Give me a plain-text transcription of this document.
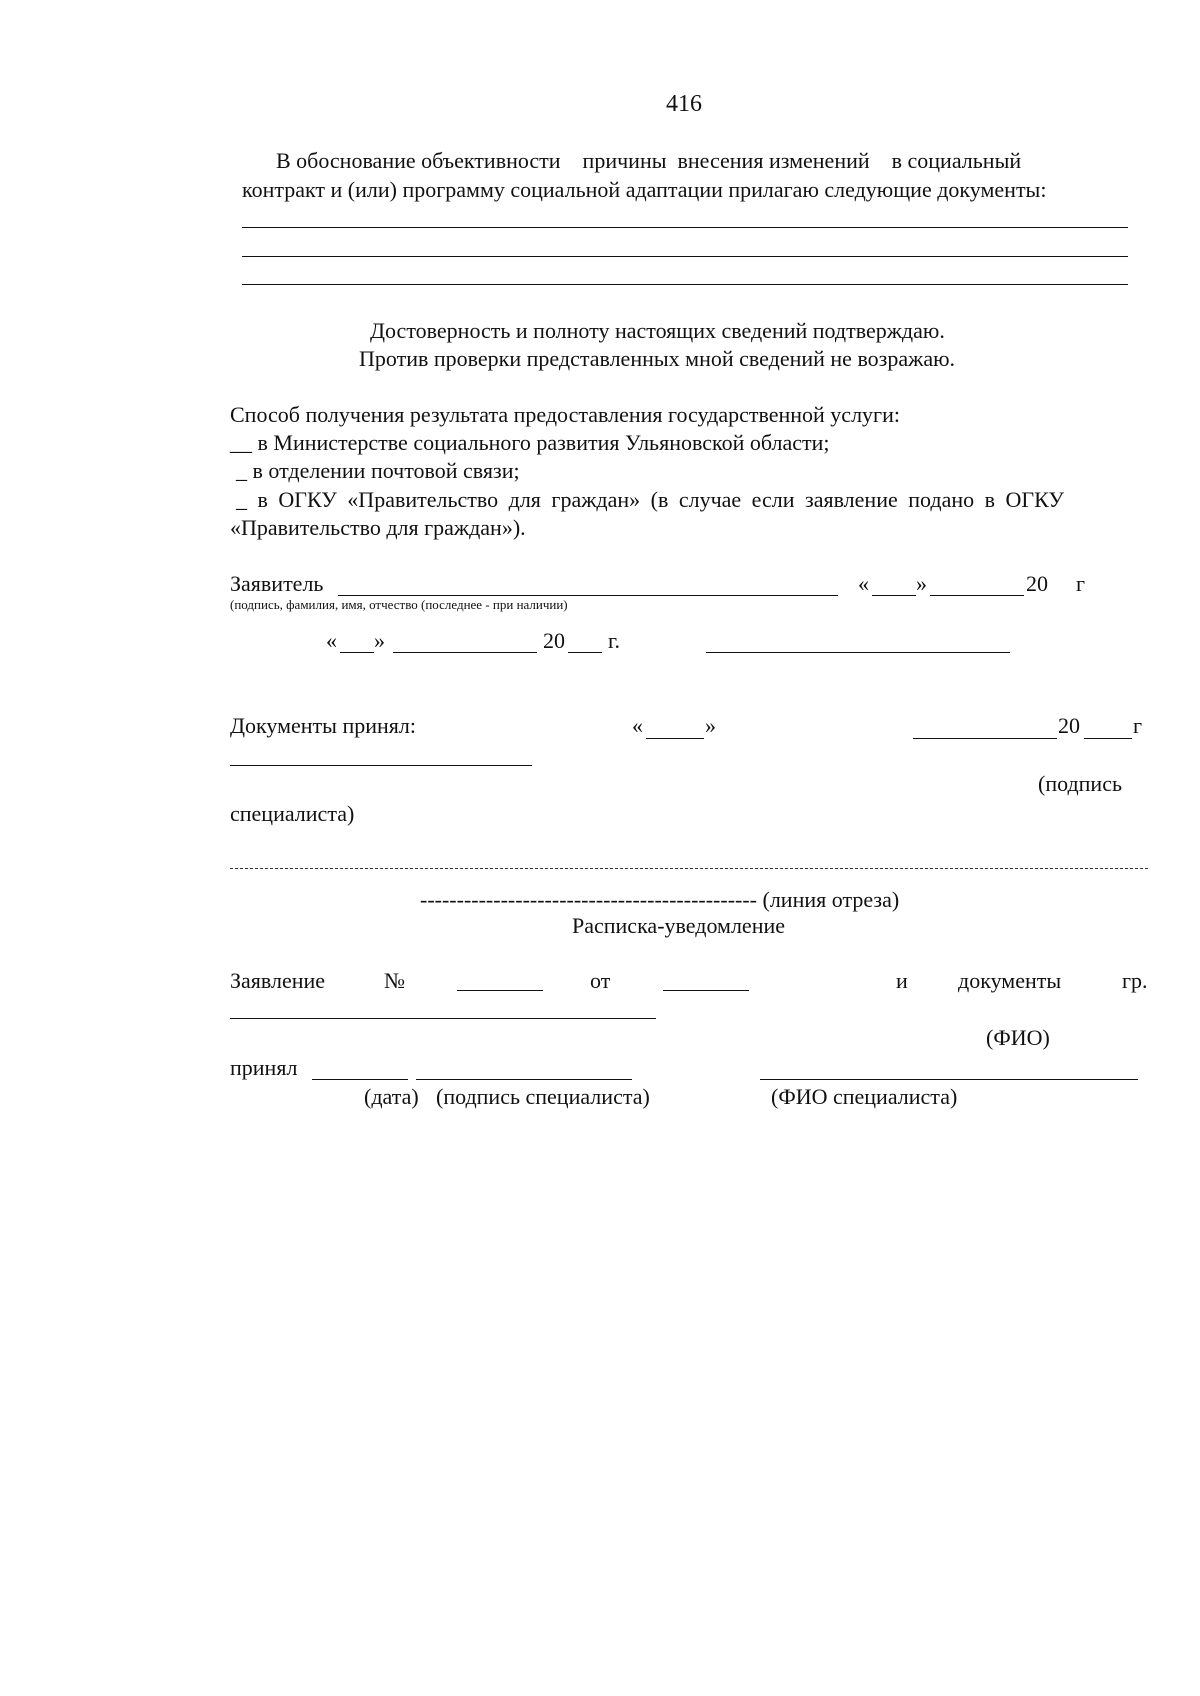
416
В обоснование объективности    причины  внесения изменений    в социальный
контракт и (или) программу социальной адаптации прилагаю следующие документы:
Достоверность и полноту настоящих сведений подтверждаю.
Против проверки представленных мной сведений не возражаю.
Способ получения результата предоставления государственной услуги:
__ в Министерстве социального развития Ульяновской области;
_ в отделении почтовой связи;
_ в ОГКУ «Правительство для граждан» (в случае если заявление подано в ОГКУ
«Правительство для граждан»).
Заявитель
(подпись, фамилия, имя, отчество (последнее - при наличии)
« »	20 г
« »	20 г.
Документы принял:	«	»	20 г
(подпись
специалиста)
---------------------------------------------- (линия отреза)
Расписка-уведомление
Заявление	№	от	и документы	гр.
(ФИО)
принял
(дата) (подпись специалиста)	(ФИО специалиста)
